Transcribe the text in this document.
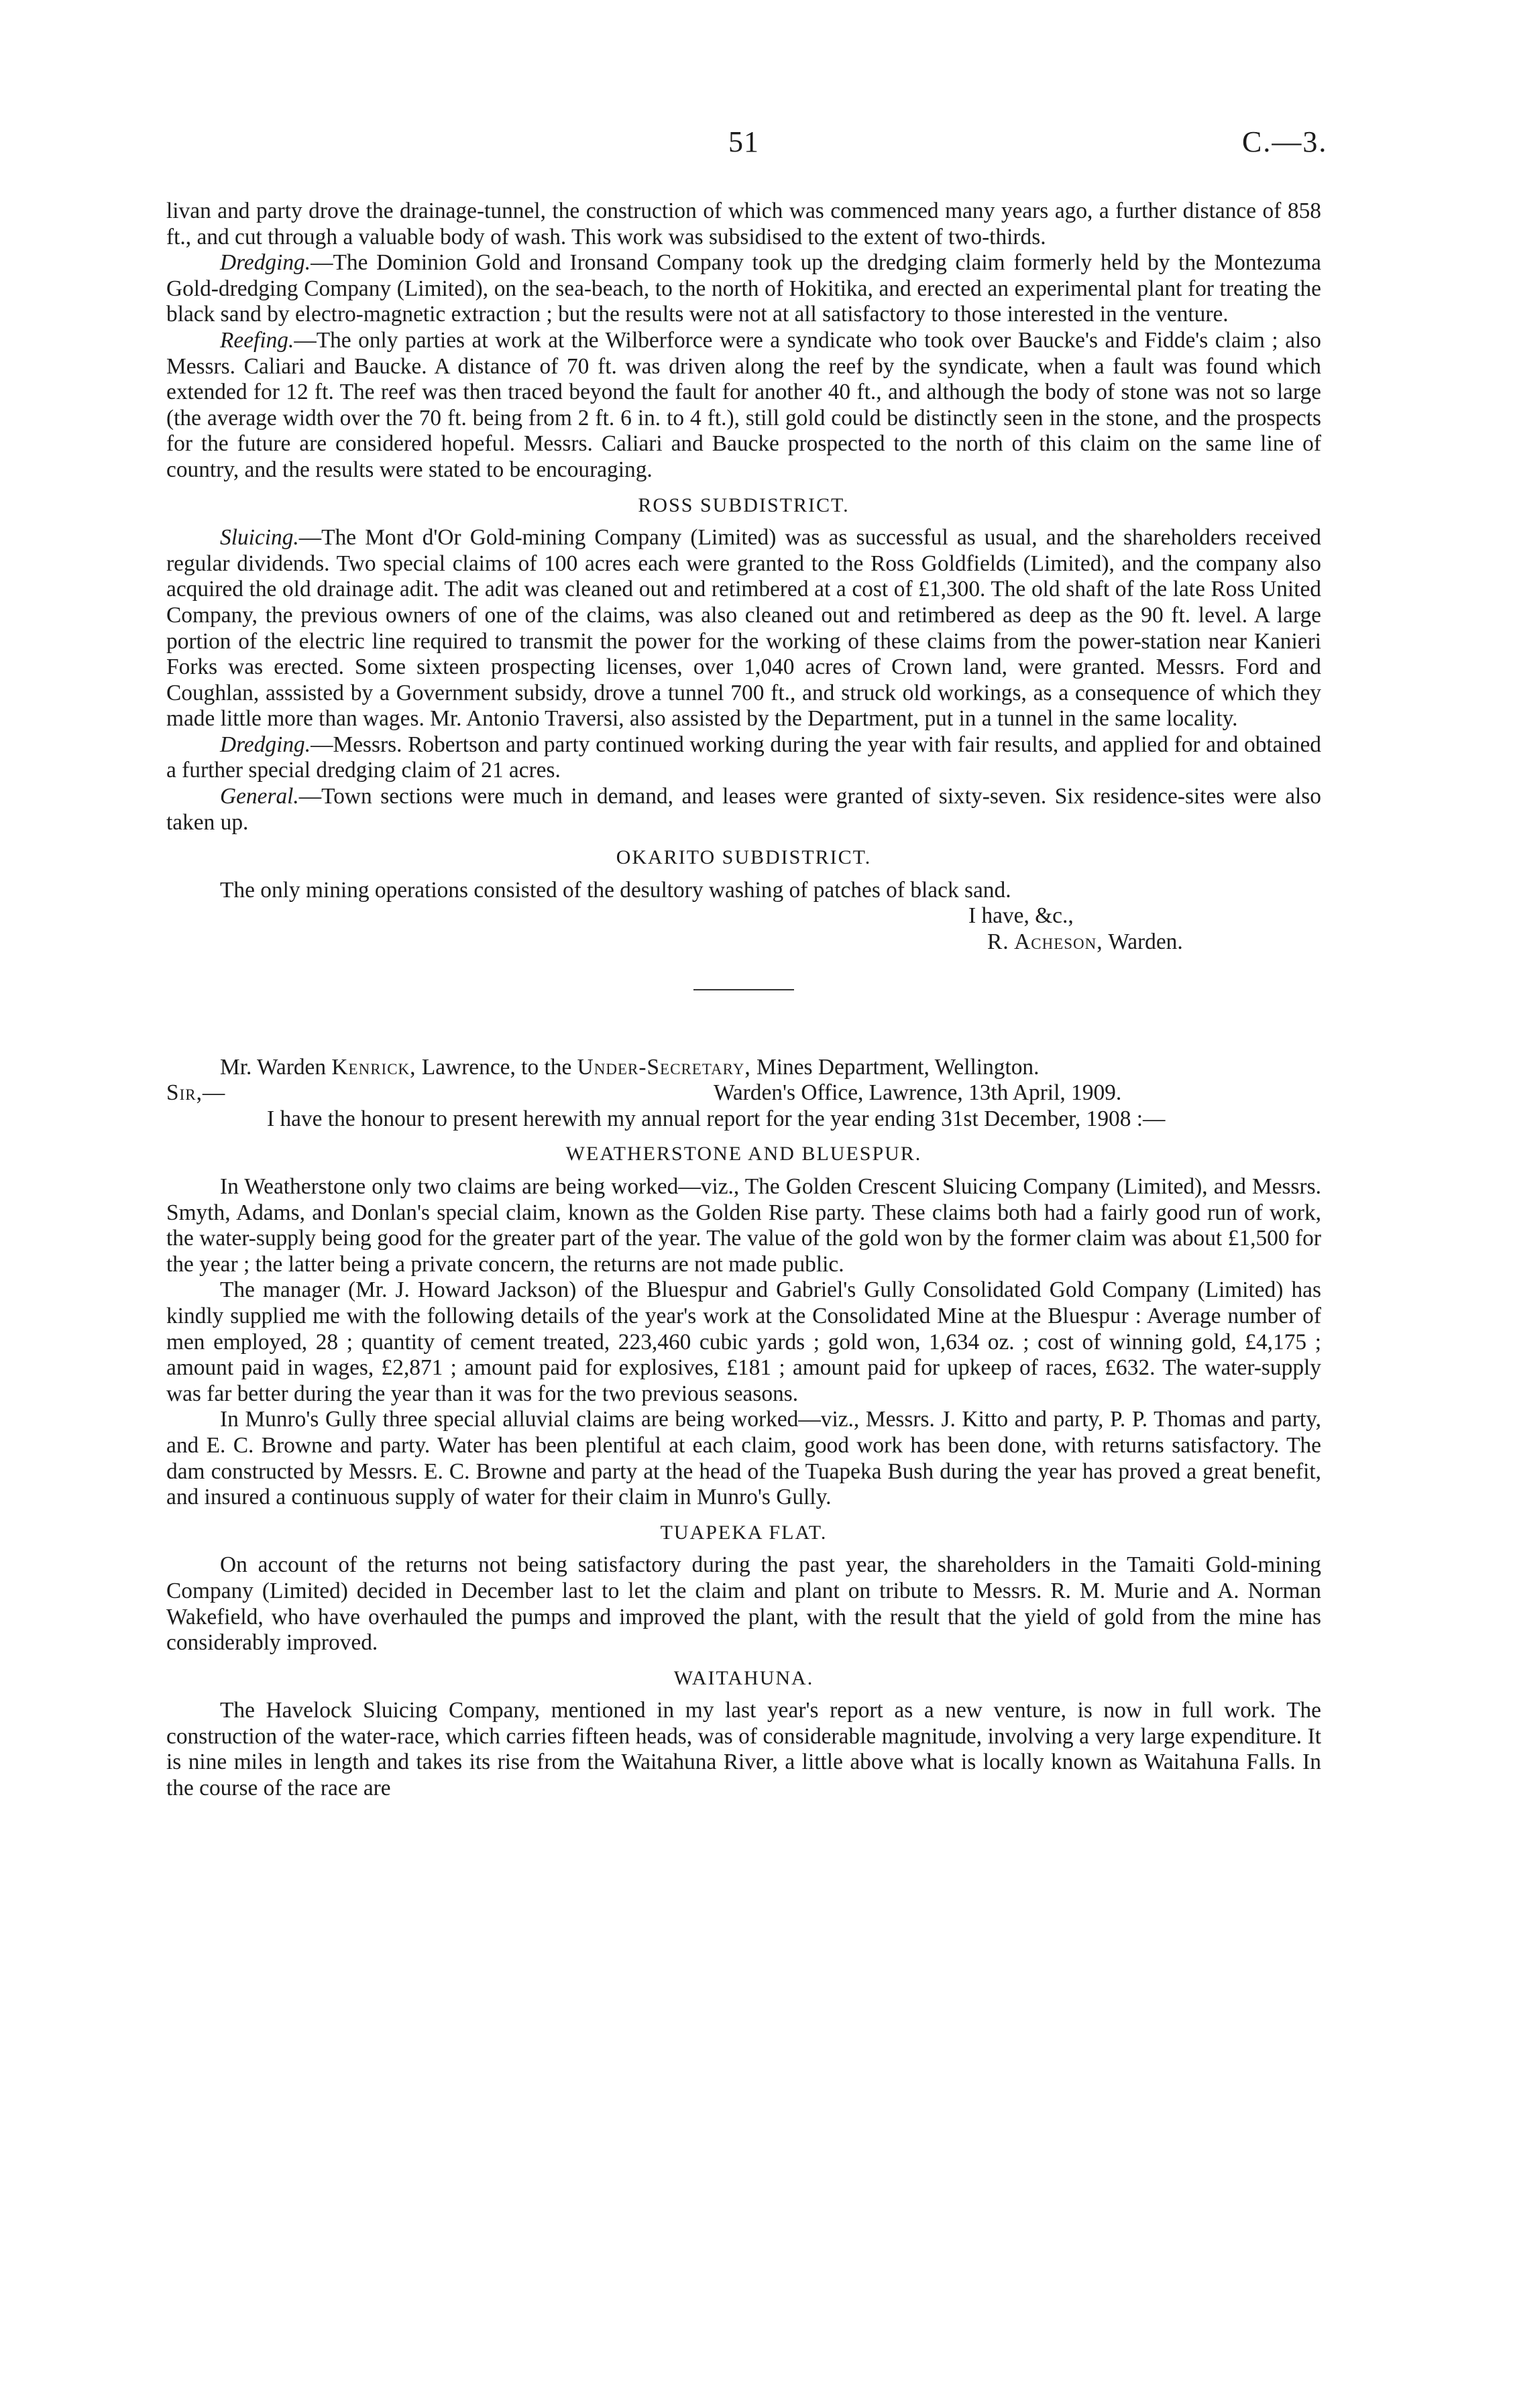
51	C.—3.

livan and party drove the drainage-tunnel, the construction of which was commenced many years ago, a further distance of 858 ft., and cut through a valuable body of wash. This work was subsidised to the extent of two-thirds.

Dredging.—The Dominion Gold and Ironsand Company took up the dredging claim formerly held by the Montezuma Gold-dredging Company (Limited), on the sea-beach, to the north of Hokitika, and erected an experimental plant for treating the black sand by electro-magnetic extraction ; but the results were not at all satisfactory to those interested in the venture.

Reefing.—The only parties at work at the Wilberforce were a syndicate who took over Baucke's and Fidde's claim ; also Messrs. Caliari and Baucke. A distance of 70 ft. was driven along the reef by the syndicate, when a fault was found which extended for 12 ft. The reef was then traced beyond the fault for another 40 ft., and although the body of stone was not so large (the average width over the 70 ft. being from 2 ft. 6 in. to 4 ft.), still gold could be distinctly seen in the stone, and the prospects for the future are considered hopeful. Messrs. Caliari and Baucke prospected to the north of this claim on the same line of country, and the results were stated to be encouraging.

ROSS SUBDISTRICT.

Sluicing.—The Mont d'Or Gold-mining Company (Limited) was as successful as usual, and the shareholders received regular dividends. Two special claims of 100 acres each were granted to the Ross Goldfields (Limited), and the company also acquired the old drainage adit. The adit was cleaned out and retimbered at a cost of £1,300. The old shaft of the late Ross United Company, the previous owners of one of the claims, was also cleaned out and retimbered as deep as the 90 ft. level. A large portion of the electric line required to transmit the power for the working of these claims from the power-station near Kanieri Forks was erected. Some sixteen prospecting licenses, over 1,040 acres of Crown land, were granted. Messrs. Ford and Coughlan, asssisted by a Government subsidy, drove a tunnel 700 ft., and struck old workings, as a consequence of which they made little more than wages. Mr. Antonio Traversi, also assisted by the Department, put in a tunnel in the same locality.

Dredging.—Messrs. Robertson and party continued working during the year with fair results, and applied for and obtained a further special dredging claim of 21 acres.

General.—Town sections were much in demand, and leases were granted of sixty-seven. Six residence-sites were also taken up.

OKARITO SUBDISTRICT.

The only mining operations consisted of the desultory washing of patches of black sand.

I have, &c.,

R. Acheson, Warden.

Mr. Warden Kenrick, Lawrence, to the Under-Secretary, Mines Department, Wellington.

Sir,—	Warden's Office, Lawrence, 13th April, 1909.

I have the honour to present herewith my annual report for the year ending 31st December, 1908 :—

WEATHERSTONE AND BLUESPUR.

In Weatherstone only two claims are being worked—viz., The Golden Crescent Sluicing Company (Limited), and Messrs. Smyth, Adams, and Donlan's special claim, known as the Golden Rise party. These claims both had a fairly good run of work, the water-supply being good for the greater part of the year. The value of the gold won by the former claim was about £1,500 for the year ; the latter being a private concern, the returns are not made public.

The manager (Mr. J. Howard Jackson) of the Bluespur and Gabriel's Gully Consolidated Gold Company (Limited) has kindly supplied me with the following details of the year's work at the Consolidated Mine at the Bluespur : Average number of men employed, 28 ; quantity of cement treated, 223,460 cubic yards ; gold won, 1,634 oz. ; cost of winning gold, £4,175 ; amount paid in wages, £2,871 ; amount paid for explosives, £181 ; amount paid for upkeep of races, £632. The water-supply was far better during the year than it was for the two previous seasons.

In Munro's Gully three special alluvial claims are being worked—viz., Messrs. J. Kitto and party, P. P. Thomas and party, and E. C. Browne and party. Water has been plentiful at each claim, good work has been done, with returns satisfactory. The dam constructed by Messrs. E. C. Browne and party at the head of the Tuapeka Bush during the year has proved a great benefit, and insured a continuous supply of water for their claim in Munro's Gully.

TUAPEKA FLAT.

On account of the returns not being satisfactory during the past year, the shareholders in the Tamaiti Gold-mining Company (Limited) decided in December last to let the claim and plant on tribute to Messrs. R. M. Murie and A. Norman Wakefield, who have overhauled the pumps and improved the plant, with the result that the yield of gold from the mine has considerably improved.

WAITAHUNA.

The Havelock Sluicing Company, mentioned in my last year's report as a new venture, is now in full work. The construction of the water-race, which carries fifteen heads, was of considerable magnitude, involving a very large expenditure. It is nine miles in length and takes its rise from the Waitahuna River, a little above what is locally known as Waitahuna Falls. In the course of the race are
